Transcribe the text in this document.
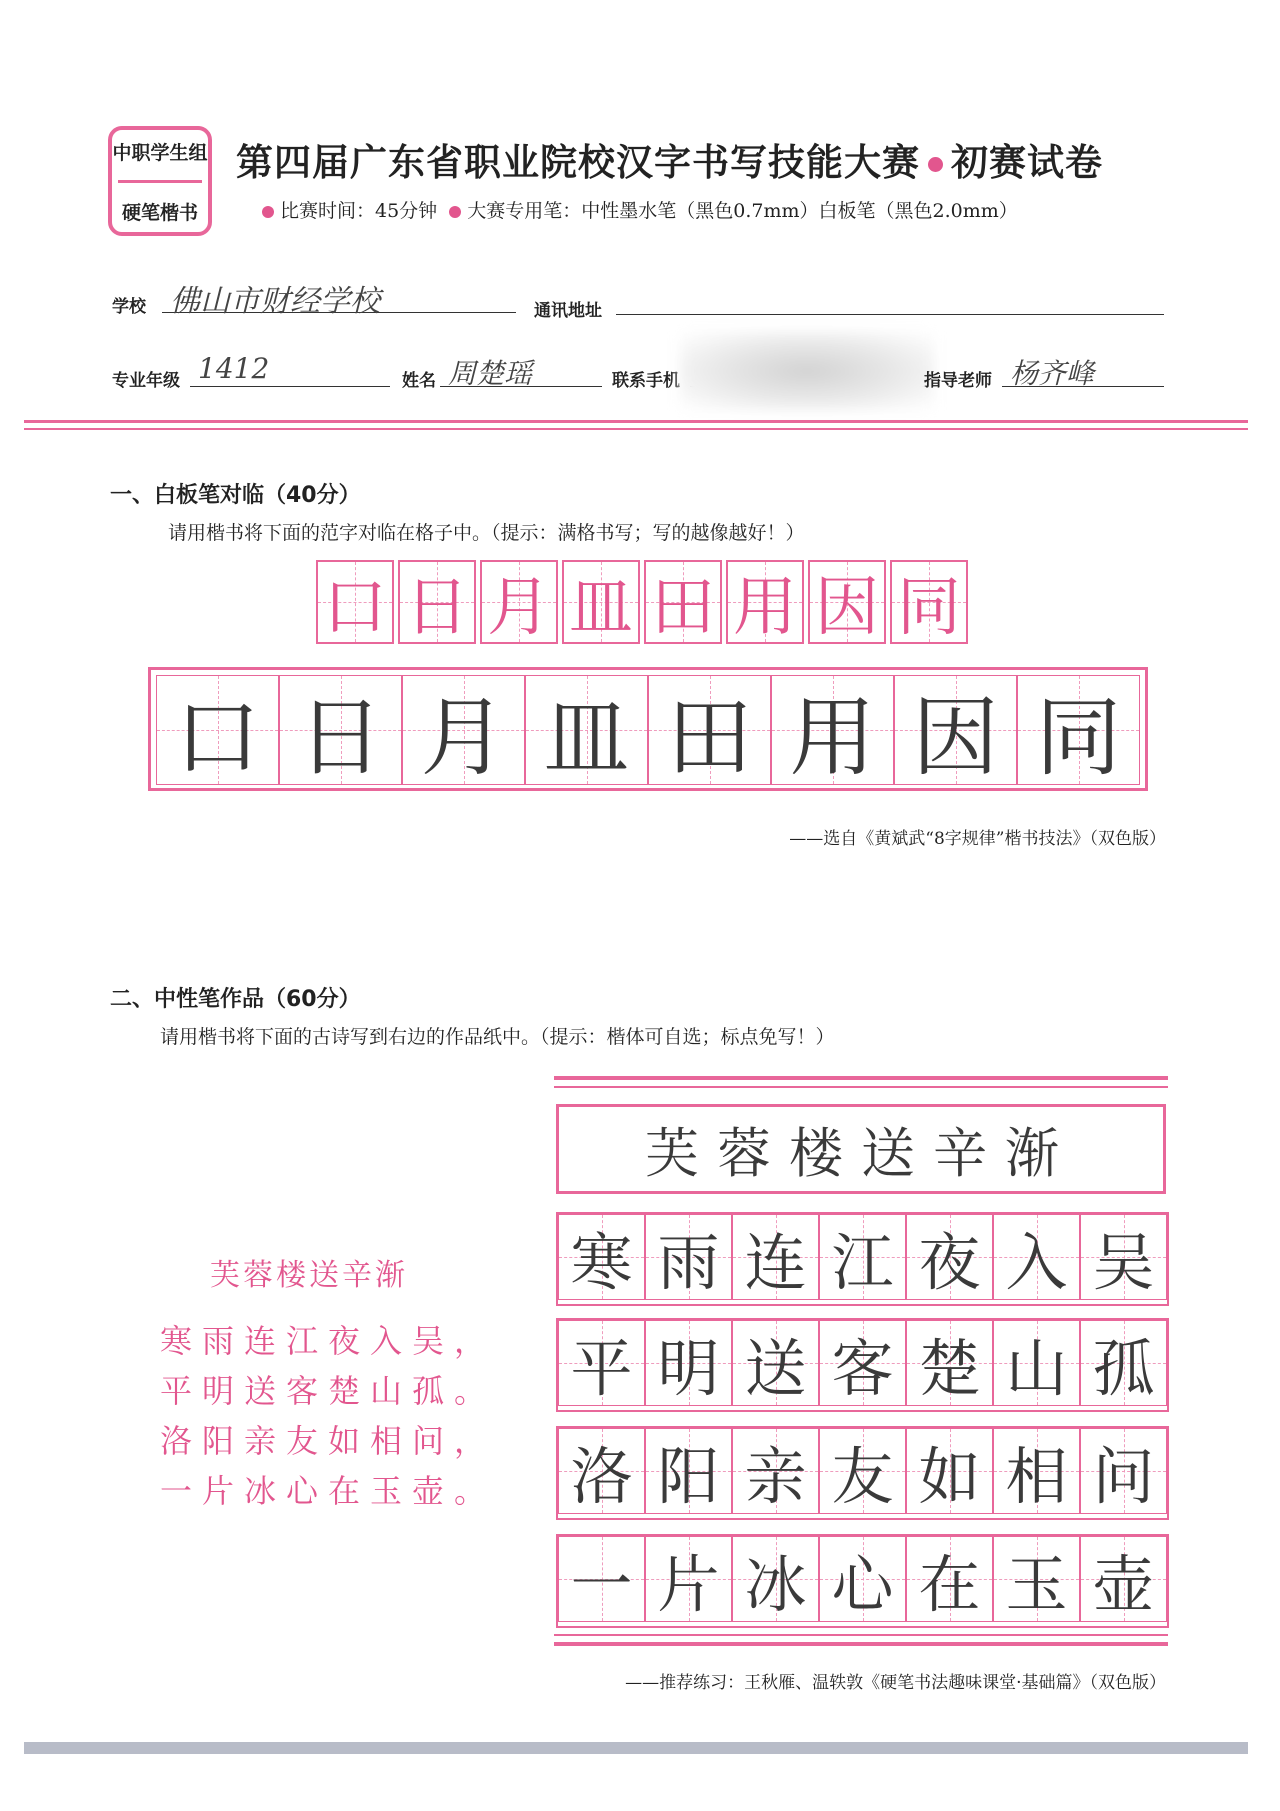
中职学生组
硬笔楷书
第四届广东省职业院校汉字书写技能大赛 初赛试卷
比赛时间：45分钟 大赛专用笔：中性墨水笔（黑色0.7mm）白板笔（黑色2.0mm）
学校 佛山市财经学校	通讯地址
专业年级 1412	姓名 周楚瑶	联系手机	指导老师 杨齐峰
一、白板笔对临（40分）
请用楷书将下面的范字对临在格子中。（提示：满格书写；写的越像越好！）
口 日 月 皿 田 用 因 同
口 日 月 皿 田 用 因 同
——选自《黄斌武“8字规律”楷书技法》（双色版）
二、中性笔作品（60分）
请用楷书将下面的古诗写到右边的作品纸中。（提示：楷体可自选；标点免写！）
芙蓉楼送辛渐
寒雨连江夜入吴，
平明送客楚山孤。
洛阳亲友如相问，
一片冰心在玉壶。
芙蓉楼送辛渐
寒 雨 连 江 夜 入 吴
平 明 送 客 楚 山 孤
洛 阳 亲 友 如 相 问
一 片 冰 心 在 玉 壶
——推荐练习：王秋雁、温轶敦《硬笔书法趣味课堂·基础篇》（双色版）
